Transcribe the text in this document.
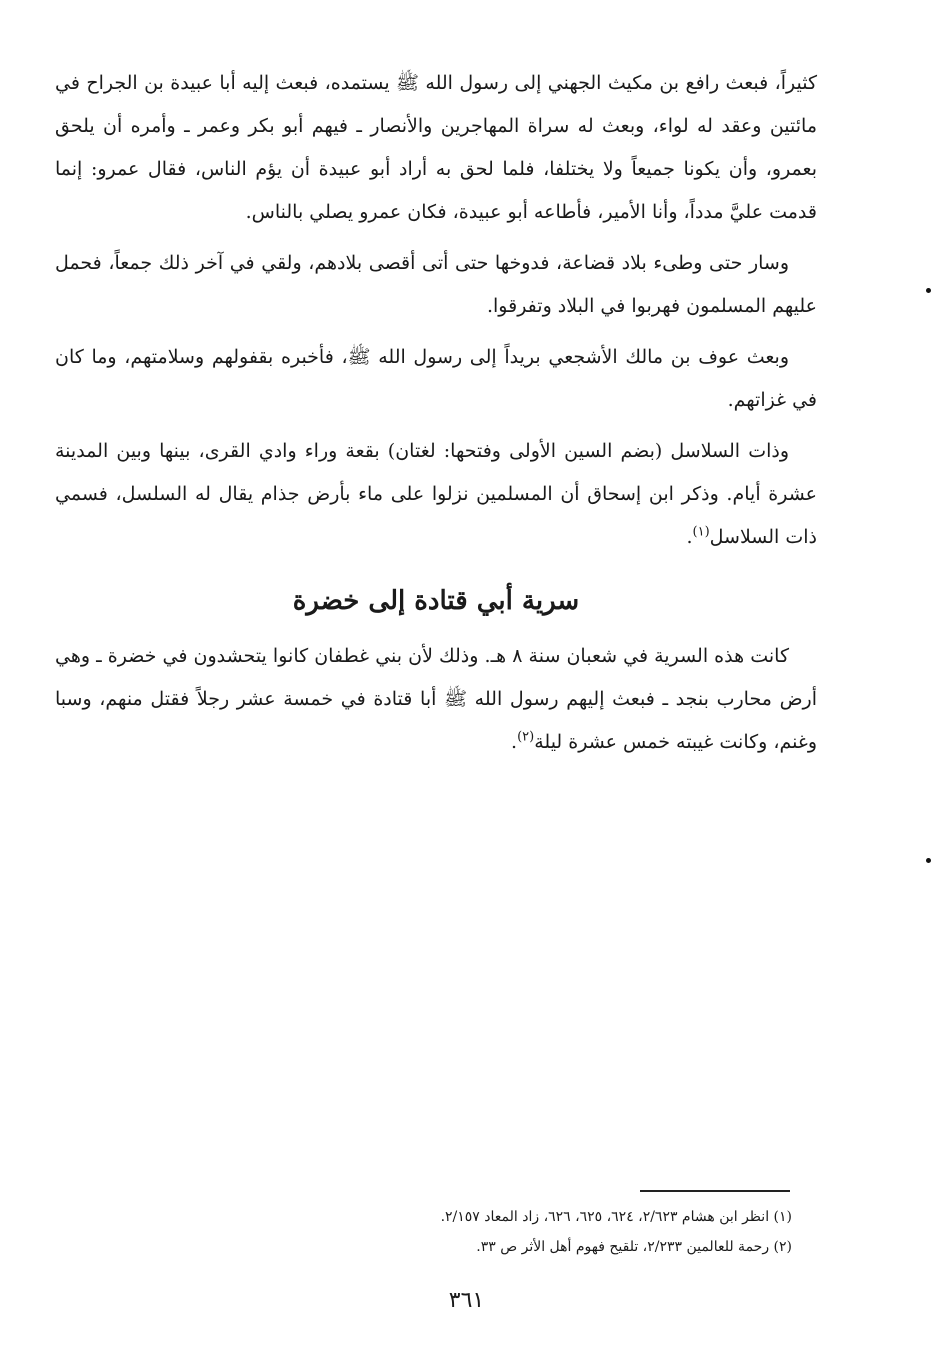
كثيراً، فبعث رافع بن مكيث الجهني إلى رسول الله ﷺ يستمده، فبعث إليه أبا عبيدة بن الجراح في مائتين وعقد له لواء، وبعث له سراة المهاجرين والأنصار ـ فيهم أبو بكر وعمر ـ وأمره أن يلحق بعمرو، وأن يكونا جميعاً ولا يختلفا، فلما لحق به أراد أبو عبيدة أن يؤم الناس، فقال عمرو: إنما قدمت عليَّ مدداً، وأنا الأمير، فأطاعه أبو عبيدة، فكان عمرو يصلي بالناس.

وسار حتى وطىء بلاد قضاعة، فدوخها حتى أتى أقصى بلادهم، ولقي في آخر ذلك جمعاً، فحمل عليهم المسلمون فهربوا في البلاد وتفرقوا.

وبعث عوف بن مالك الأشجعي بريداً إلى رسول الله ﷺ، فأخبره بقفولهم وسلامتهم، وما كان في غزاتهم.

وذات السلاسل (بضم السين الأولى وفتحها: لغتان) بقعة وراء وادي القرى، بينها وبين المدينة عشرة أيام. وذكر ابن إسحاق أن المسلمين نزلوا على ماء بأرض جذام يقال له السلسل، فسمي ذات السلاسل$^{(١)}$.

سرية أبي قتادة إلى خضرة

كانت هذه السرية في شعبان سنة ٨ هـ. وذلك لأن بني غطفان كانوا يتحشدون في خضرة ـ وهي أرض محارب بنجد ـ فبعث إليهم رسول الله ﷺ أبا قتادة في خمسة عشر رجلاً فقتل منهم، وسبا وغنم، وكانت غيبته خمس عشرة ليلة$^{(٢)}$.

(١) انظر ابن هشام ٢/٦٢٣، ٦٢٤، ٦٢٥، ٦٢٦، زاد المعاد ٢/١٥٧.

(٢) رحمة للعالمين ٢/٢٣٣، تلقيح فهوم أهل الأثر ص ٣٣.

٣٦١
